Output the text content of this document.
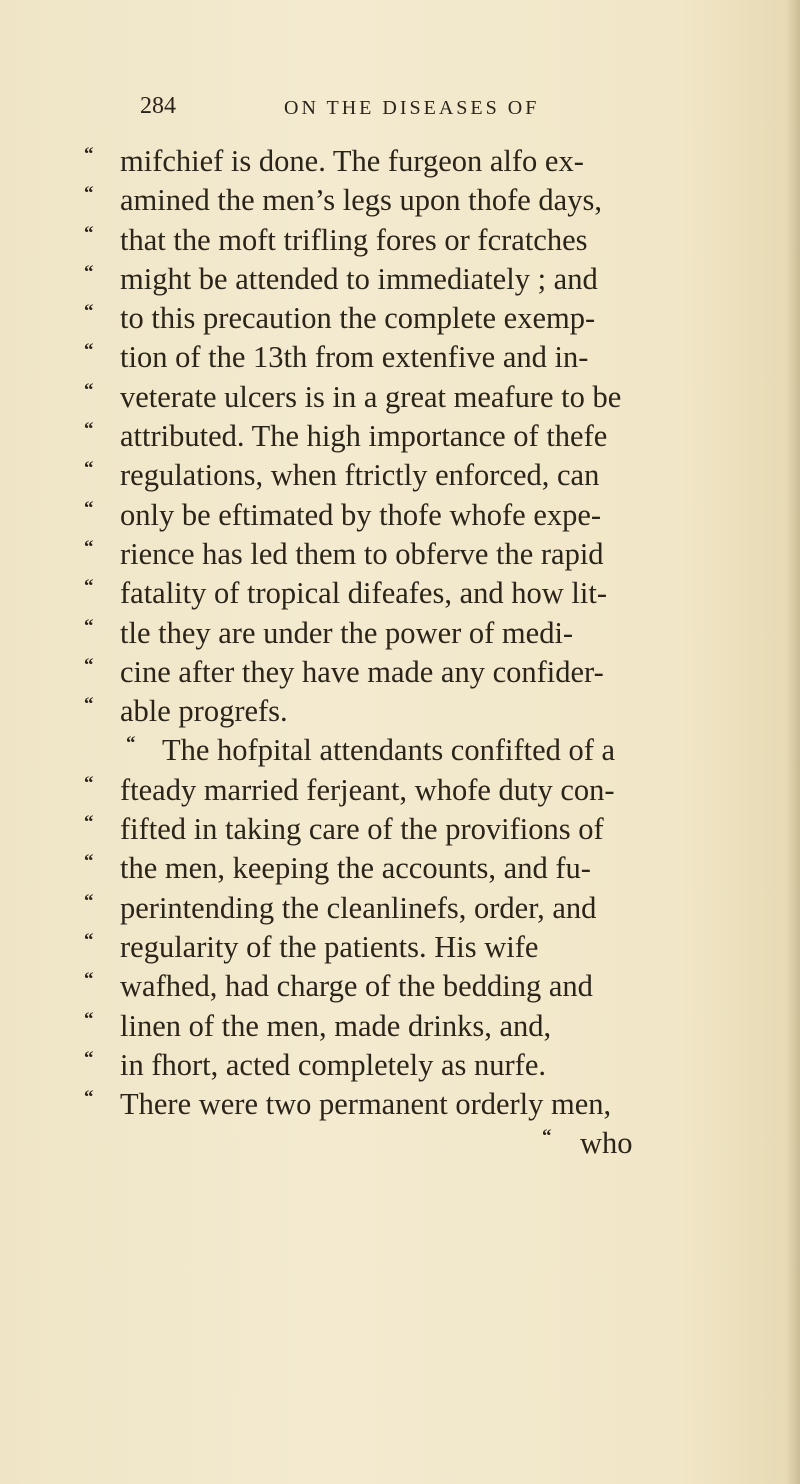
284	ON THE DISEASES OF
“ mifchief is done. The furgeon alfo ex-
“ amined the men’s legs upon thofe days,
“ that the moft trifling fores or fcratches
“ might be attended to immediately ; and
“ to this precaution the complete exemp-
“ tion of the 13th from extenfive and in-
“ veterate ulcers is in a great meafure to be
“ attributed. The high importance of thefe
“ regulations, when ftrictly enforced, can
“ only be eftimated by thofe whofe expe-
“ rience has led them to obferve the rapid
“ fatality of tropical difeafes, and how lit-
“ tle they are under the power of medi-
“ cine after they have made any confider-
“ able progrefs.
“ The hofpital attendants confifted of a
“ fteady married ferjeant, whofe duty con-
“ fifted in taking care of the provifions of
“ the men, keeping the accounts, and fu-
“ perintending the cleanlinefs, order, and
“ regularity of the patients. His wife
“ wafhed, had charge of the bedding and
“ linen of the men, made drinks, and,
“ in fhort, acted completely as nurfe.
“ There were two permanent orderly men,
“ who
